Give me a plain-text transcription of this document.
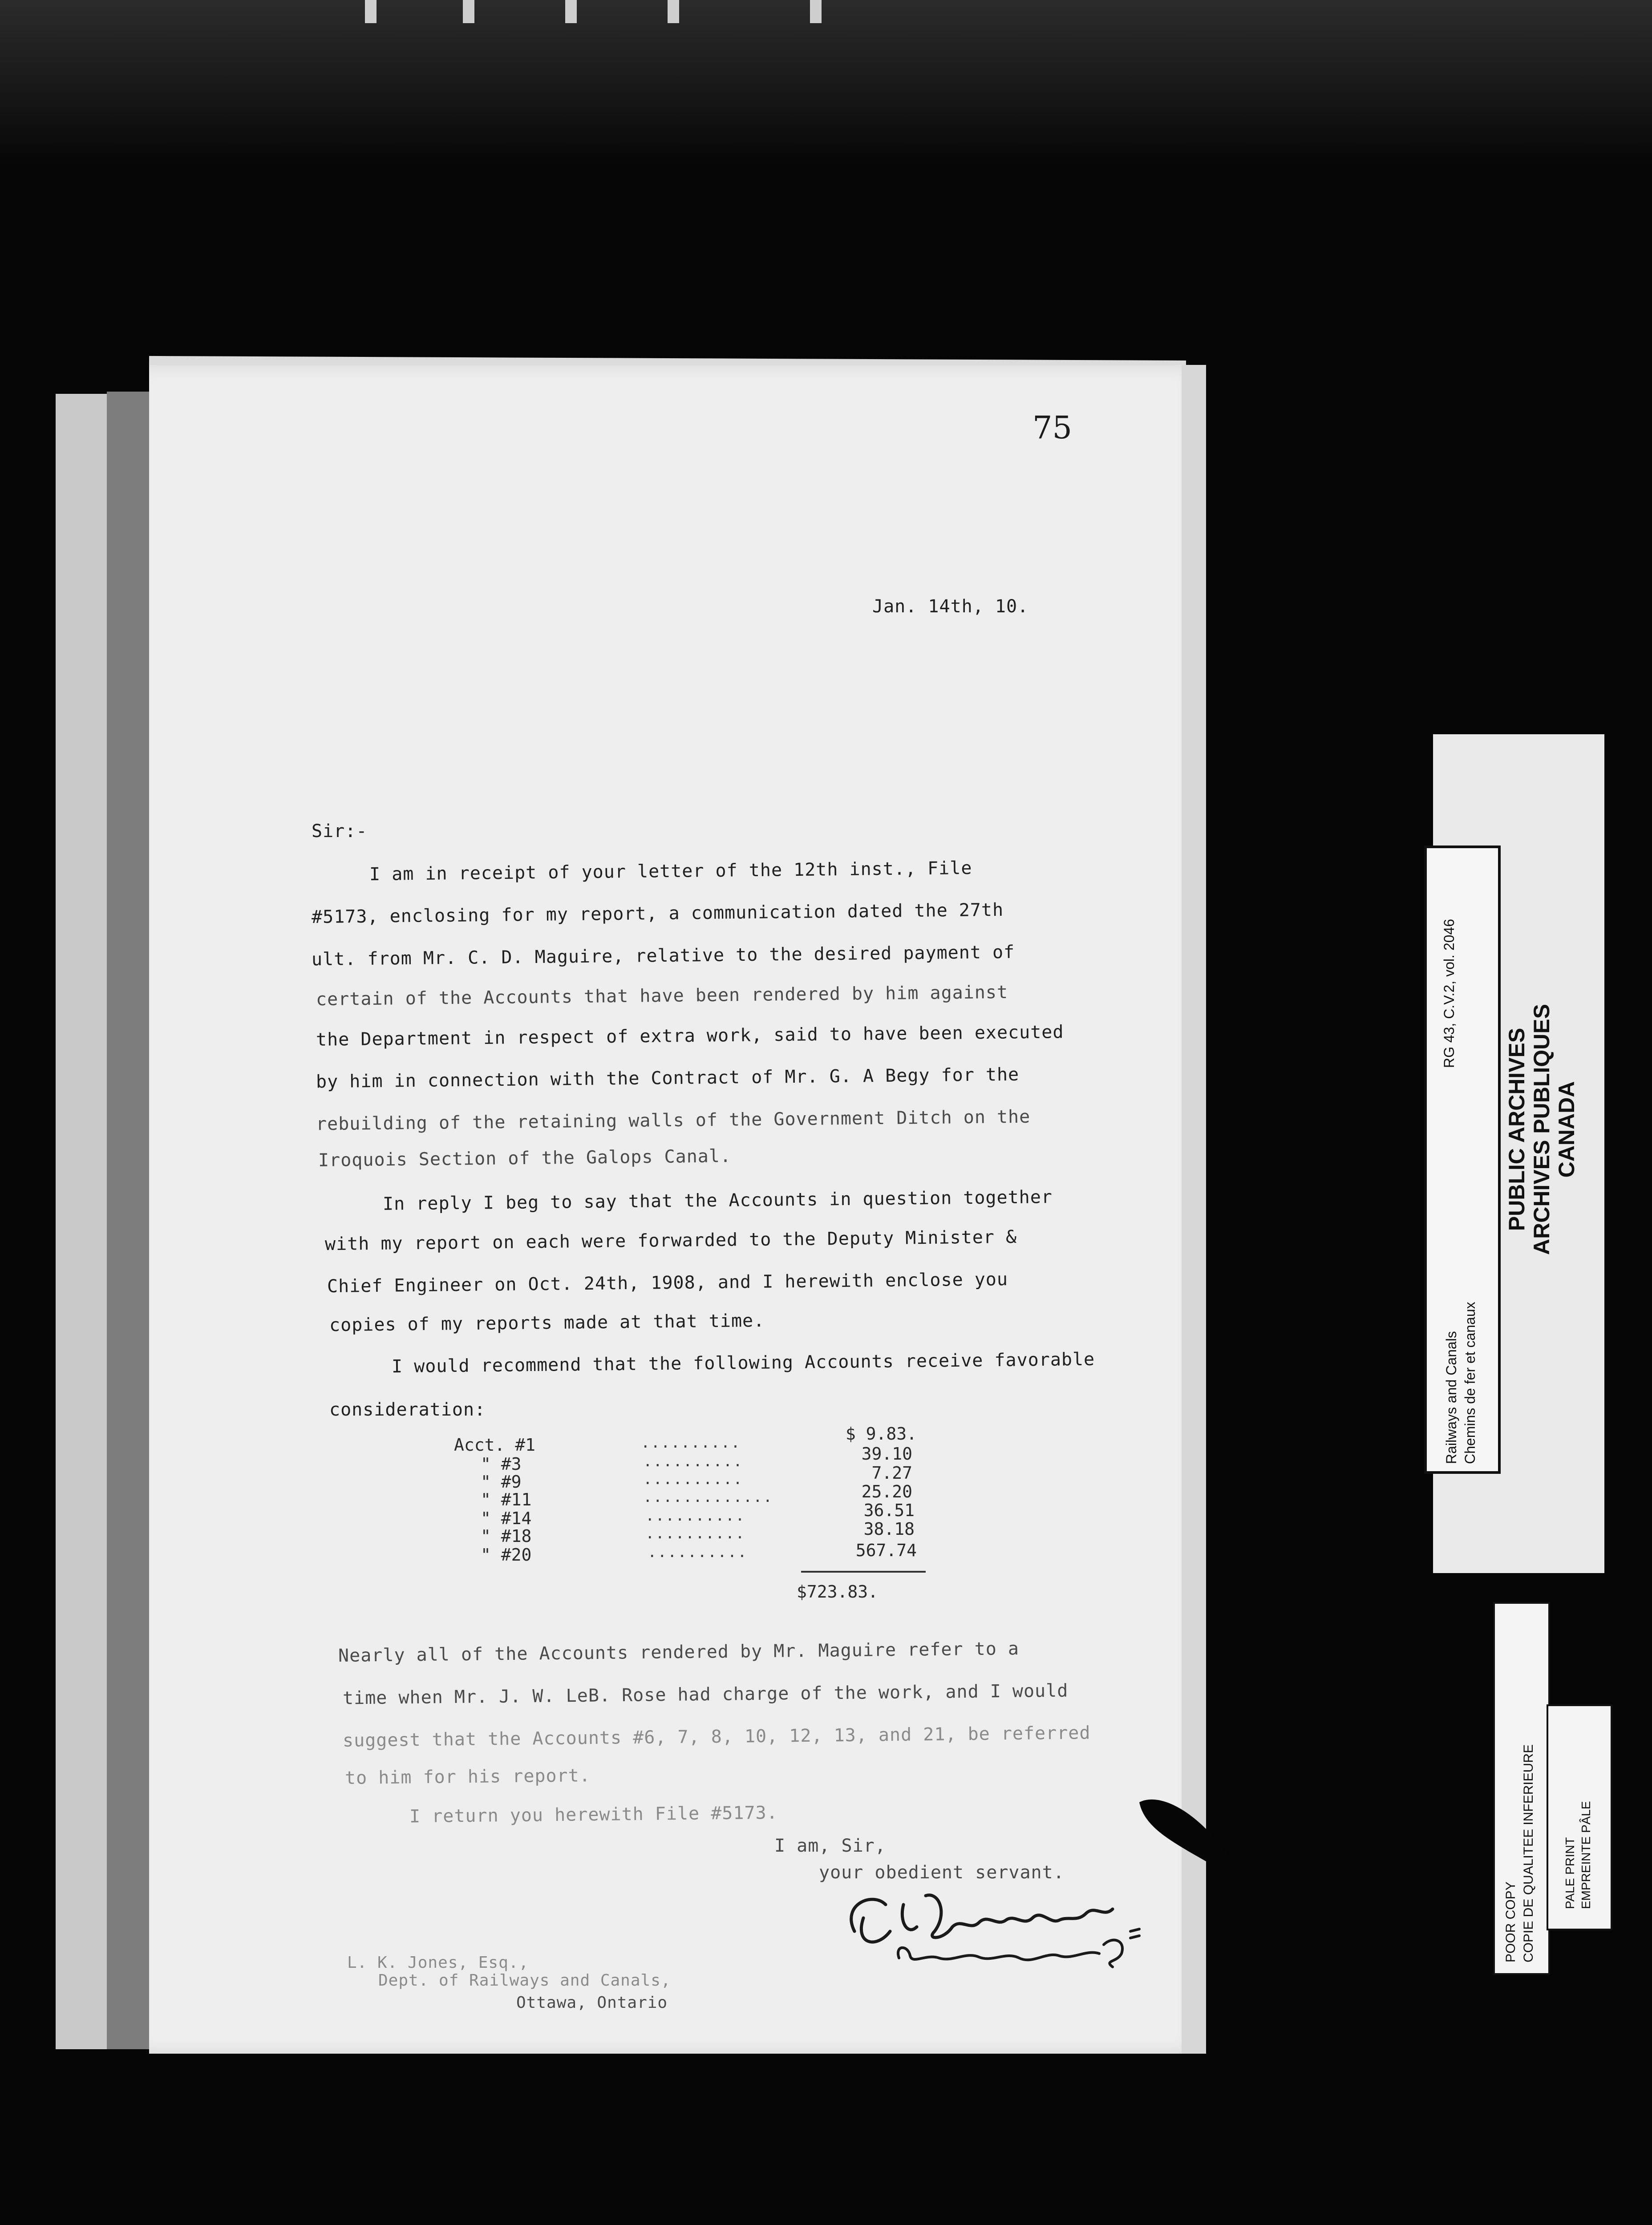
75
Jan. 14th, 10.
Sir:-
I am in receipt of your letter of the 12th inst., File
#5173, enclosing for my report, a communication dated the 27th
ult. from Mr. C. D. Maguire, relative to the desired payment of
certain of the Accounts that have been rendered by him against
the Department in respect of extra work, said to have been executed
by him in connection with the Contract of Mr. G. A Begy for the
rebuilding of the retaining walls of the Government Ditch on the
Iroquois Section of the Galops Canal.
In reply I beg to say that the Accounts in question together
with my report on each were forwarded to the Deputy Minister &
Chief Engineer on Oct. 24th, 1908, and I herewith enclose you
copies of my reports made at that time.
I would recommend that the following Accounts receive favorable
consideration:
Acct. #1
" #3
" #9
" #11
" #14
" #18
" #20
..........
..........
..........
.............
..........
..........
..........
$ 9.83.
39.10
7.27
25.20
36.51
38.18
567.74
$723.83.
Nearly all of the Accounts rendered by Mr. Maguire refer to a
time when Mr. J. W. LeB. Rose had charge of the work, and I would
suggest that the Accounts #6, 7, 8, 10, 12, 13, and 21, be referred
to him for his report.
I return you herewith File #5173.
I am, Sir,
your obedient servant.
L. K. Jones, Esq.,
Dept. of Railways and Canals,
Ottawa, Ontario
PUBLIC ARCHIVES ARCHIVES PUBLIQUES CANADA
Railways and Canals Chemins de fer et canaux
RG 43, C.V.2, vol. 2046
POOR COPY COPIE DE QUALITEE INFERIEURE PALE PRINT EMPREINTE PÂLE
